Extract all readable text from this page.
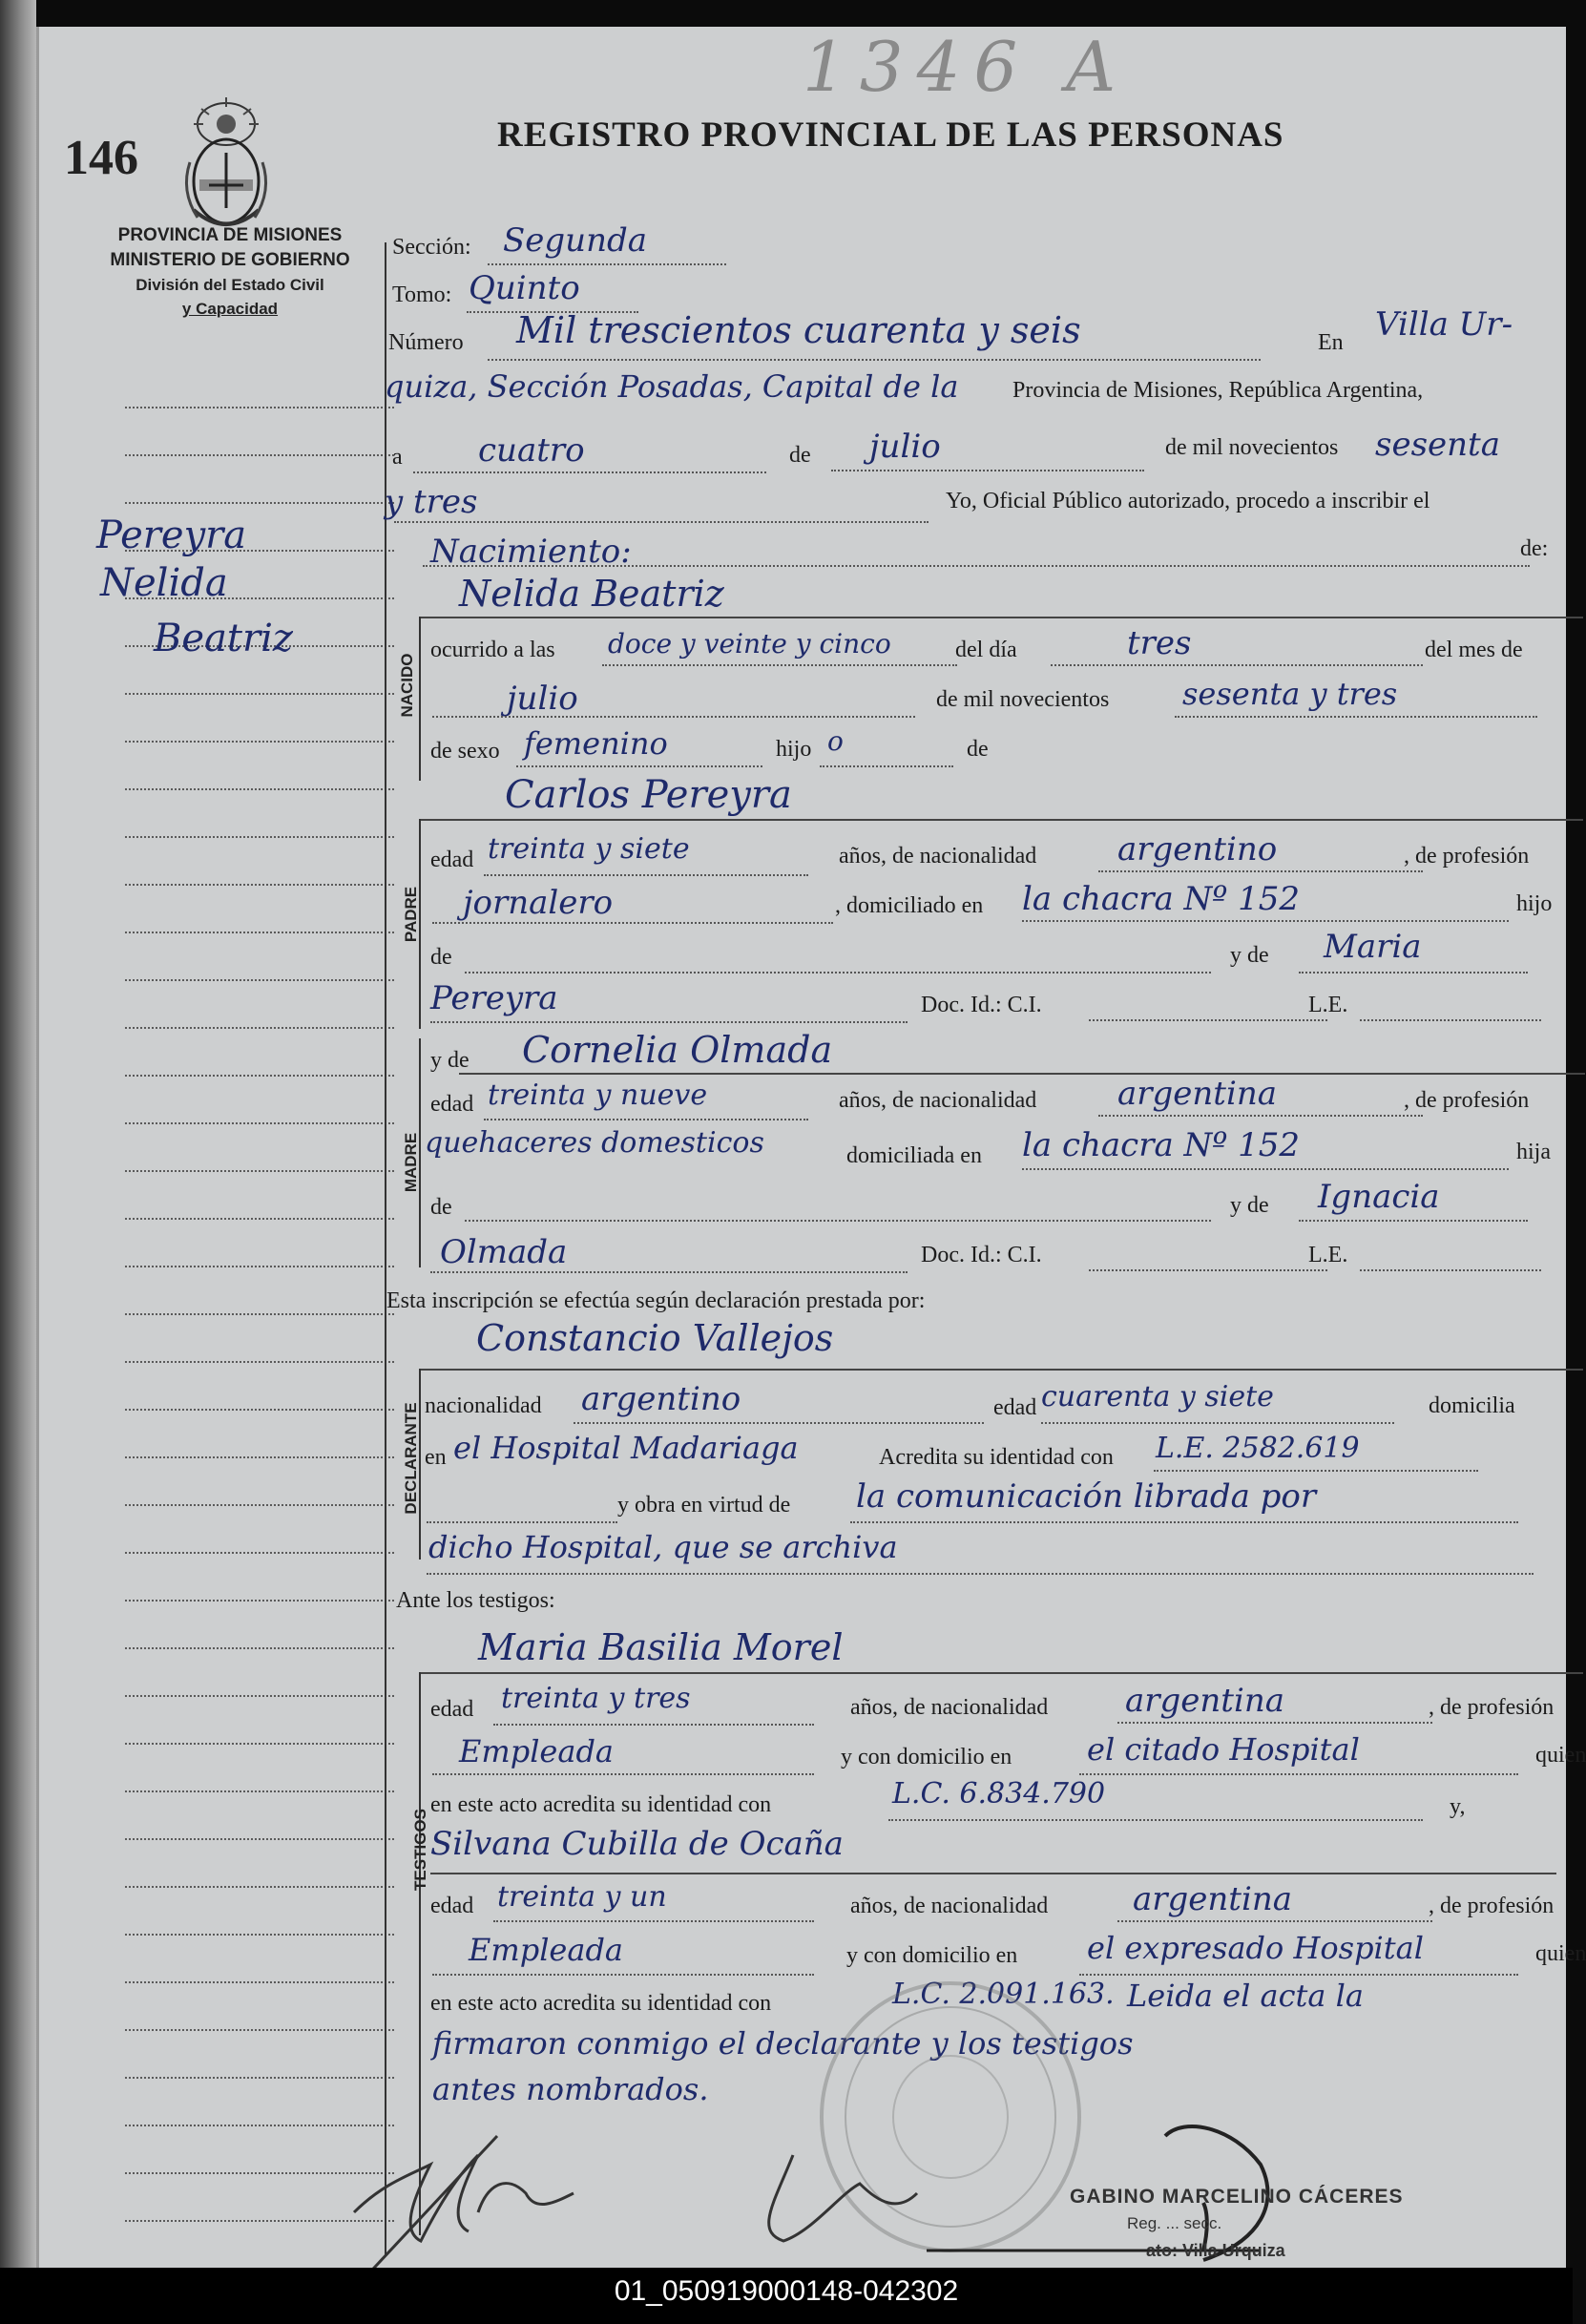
1346 A
146	REGISTRO PROVINCIAL DE LAS PERSONAS
PROVINCIA DE MISIONES
MINISTERIO DE GOBIERNO
División del Estado Civil
y Capacidad
Pereyra
Nelida
Beatriz
Sección: Segunda
Tomo: Quinto
Número Mil trescientos cuarenta y seis	En Villa Ur-
quiza, Sección Posadas, Capital de la Provincia de Misiones, República Argentina,
a cuatro	de julio	de mil novecientos sesenta
y tres	Yo, Oficial Público autorizado, procedo a inscribir el
Nacimiento:	de:
NACIDO
Nelida Beatriz
ocurrido a las doce y veinte y cinco	del día	tres	del mes de
julio	de mil novecientos sesenta y tres
de sexo femenino	hijo o	de
Carlos Pereyra
PADRE
edad treinta y siete	años, de nacionalidad argentino	, de profesión
jornalero	, domiciliado en la chacra Nº 152	hijo
de	y de Maria
Pereyra	Doc. Id.: C.I.	L.E.
y de Cornelia Olmada
MADRE
edad treinta y nueve	años, de nacionalidad argentina	, de profesión
quehaceres domesticos	domiciliada en la chacra Nº 152	hija
de	y de Ignacia
Olmada	Doc. Id.: C.I.	L.E.
Esta inscripción se efectúa según declaración prestada por:
Constancio Vallejos
DECLARANTE nacionalidad argentino	edad cuarenta y siete	domicilia
en el Hospital Madariaga	Acredita su identidad con L.E. 2582.619
y obra en virtud de la comunicación librada por
dicho Hospital, que se archiva
Ante los testigos:
Maria Basilia Morel
TESTIGOS
edad treinta y tres	años, de nacionalidad argentina	, de profesión
Empleada	y con domicilio en el citado Hospital	quien
en este acto acredita su identidad con	L.C. 6.834.790	y,
Silvana Cubilla de Ocaña
edad treinta y un	años, de nacionalidad	argentina	, de profesión
Empleada	y con domicilio en el expresado Hospital	quien
en este acto acredita su identidad con	L.C. 2.091.163. Leida el acta la
firmaron conmigo el declarante y los testigos
antes nombrados.
GABINO MARCELINO CÁCERES
Reg. ... secc.
ato: Villa Urquiza
01_050919000148-042302
